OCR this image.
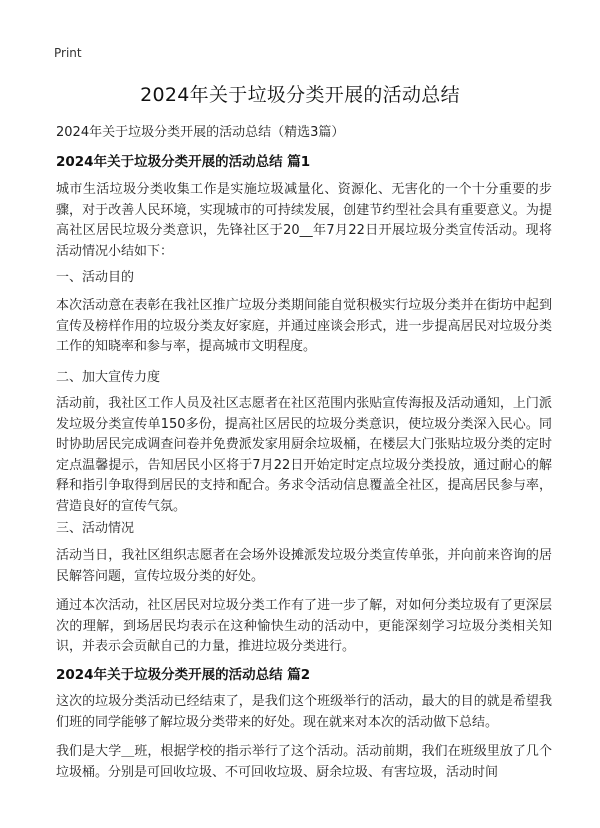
Print
2024年关于垃圾分类开展的活动总结
2024年关于垃圾分类开展的活动总结（精选3篇）
2024年关于垃圾分类开展的活动总结 篇1
城市生活垃圾分类收集工作是实施垃圾减量化、资源化、无害化的一个十分重要的步骤，对于改善人民环境，实现城市的可持续发展，创建节约型社会具有重要意义。为提高社区居民垃圾分类意识，先锋社区于20__年7月22日开展垃圾分类宣传活动。现将活动情况小结如下：
一、活动目的
本次活动意在表彰在我社区推广垃圾分类期间能自觉积极实行垃圾分类并在街坊中起到宣传及榜样作用的垃圾分类友好家庭，并通过座谈会形式，进一步提高居民对垃圾分类工作的知晓率和参与率，提高城市文明程度。
二、加大宣传力度
活动前，我社区工作人员及社区志愿者在社区范围内张贴宣传海报及活动通知，上门派发垃圾分类宣传单150多份，提高社区居民的垃圾分类意识，使垃圾分类深入民心。同时协助居民完成调查问卷并免费派发家用厨余垃圾桶，在楼层大门张贴垃圾分类的定时定点温馨提示，告知居民小区将于7月22日开始定时定点垃圾分类投放，通过耐心的解释和指引争取得到居民的支持和配合。务求令活动信息覆盖全社区，提高居民参与率，营造良好的宣传气氛。
三、活动情况
活动当日，我社区组织志愿者在会场外设摊派发垃圾分类宣传单张，并向前来咨询的居民解答问题，宣传垃圾分类的好处。
通过本次活动，社区居民对垃圾分类工作有了进一步了解，对如何分类垃圾有了更深层次的理解，到场居民均表示在这种愉快生动的活动中，更能深刻学习垃圾分类相关知识，并表示会贡献自己的力量，推进垃圾分类进行。
2024年关于垃圾分类开展的活动总结 篇2
这次的垃圾分类活动已经结束了，是我们这个班级举行的活动，最大的目的就是希望我们班的同学能够了解垃圾分类带来的好处。现在就来对本次的活动做下总结。
我们是大学＿班，根据学校的指示举行了这个活动。活动前期，我们在班级里放了几个垃圾桶。分别是可回收垃圾、不可回收垃圾、厨余垃圾、有害垃圾，活动时间
